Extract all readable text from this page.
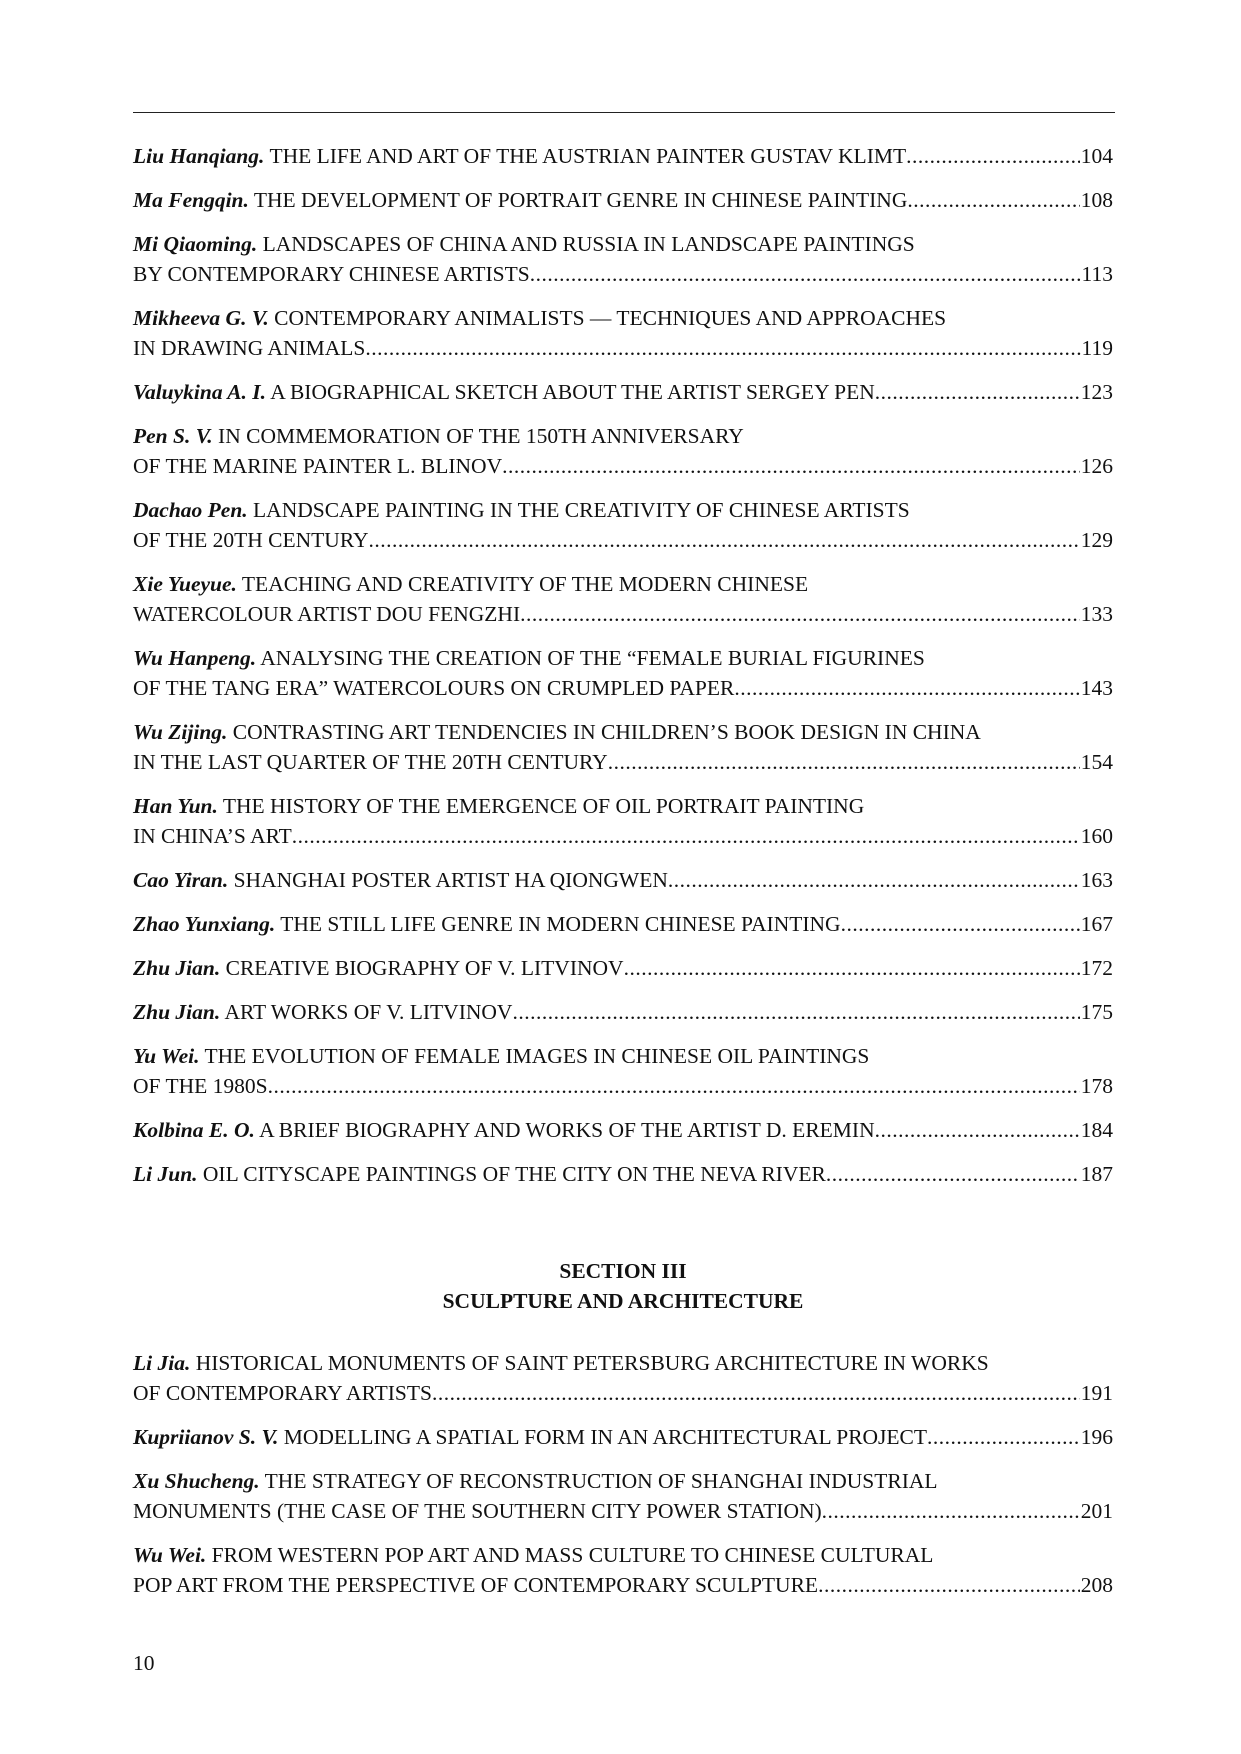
Liu Hanqiang. THE LIFE AND ART OF THE AUSTRIAN PAINTER GUSTAV KLIMT .....	104
Ma Fengqin. THE DEVELOPMENT OF PORTRAIT GENRE IN CHINESE PAINTING .....	108
Mi Qiaoming. LANDSCAPES OF CHINA AND RUSSIA IN LANDSCAPE PAINTINGS
BY CONTEMPORARY CHINESE ARTISTS .....	113
Mikheeva G. V. CONTEMPORARY ANIMALISTS — TECHNIQUES AND APPROACHES
IN DRAWING ANIMALS .....	119
Valuykina A. I. A BIOGRAPHICAL SKETCH ABOUT THE ARTIST SERGEY PEN .....	123
Pen S. V. IN COMMEMORATION OF THE 150TH ANNIVERSARY
OF THE MARINE PAINTER L. BLINOV .....	126
Dachao Pen. LANDSCAPE PAINTING IN THE CREATIVITY OF CHINESE ARTISTS
OF THE 20TH CENTURY .....	129
Xie Yueyue. TEACHING AND CREATIVITY OF THE MODERN CHINESE
WATERCOLOUR ARTIST DOU FENGZHI .....	133
Wu Hanpeng. ANALYSING THE CREATION OF THE “FEMALE BURIAL FIGURINES
OF THE TANG ERA” WATERCOLOURS ON CRUMPLED PAPER .....	143
Wu Zijing. CONTRASTING ART TENDENCIES IN CHILDREN’S BOOK DESIGN IN CHINA
IN THE LAST QUARTER OF THE 20TH CENTURY .....	154
Han Yun. THE HISTORY OF THE EMERGENCE OF OIL PORTRAIT PAINTING
IN CHINA’S ART .....	160
Cao Yiran. SHANGHAI POSTER ARTIST HA QIONGWEN .....	163
Zhao Yunxiang. THE STILL LIFE GENRE IN MODERN CHINESE PAINTING .....	167
Zhu Jian. CREATIVE BIOGRAPHY OF V. LITVINOV .....	172
Zhu Jian. ART WORKS OF V. LITVINOV .....	175
Yu Wei. THE EVOLUTION OF FEMALE IMAGES IN CHINESE OIL PAINTINGS
OF THE 1980S .....	178
Kolbina E. O. A BRIEF BIOGRAPHY AND WORKS OF THE ARTIST D. EREMIN .....	184
Li Jun. OIL CITYSCAPE PAINTINGS OF THE CITY ON THE NEVA RIVER .....	187
SECTION III
SCULPTURE AND ARCHITECTURE
Li Jia. HISTORICAL MONUMENTS OF SAINT PETERSBURG ARCHITECTURE IN WORKS
OF CONTEMPORARY ARTISTS .....	191
Kupriianov S. V. MODELLING A SPATIAL FORM IN AN ARCHITECTURAL PROJECT .....	196
Xu Shucheng. THE STRATEGY OF RECONSTRUCTION OF SHANGHAI INDUSTRIAL
MONUMENTS (THE CASE OF THE SOUTHERN CITY POWER STATION) .....	201
Wu Wei. FROM WESTERN POP ART AND MASS CULTURE TO CHINESE CULTURAL
POP ART FROM THE PERSPECTIVE OF CONTEMPORARY SCULPTURE .....	208
10
